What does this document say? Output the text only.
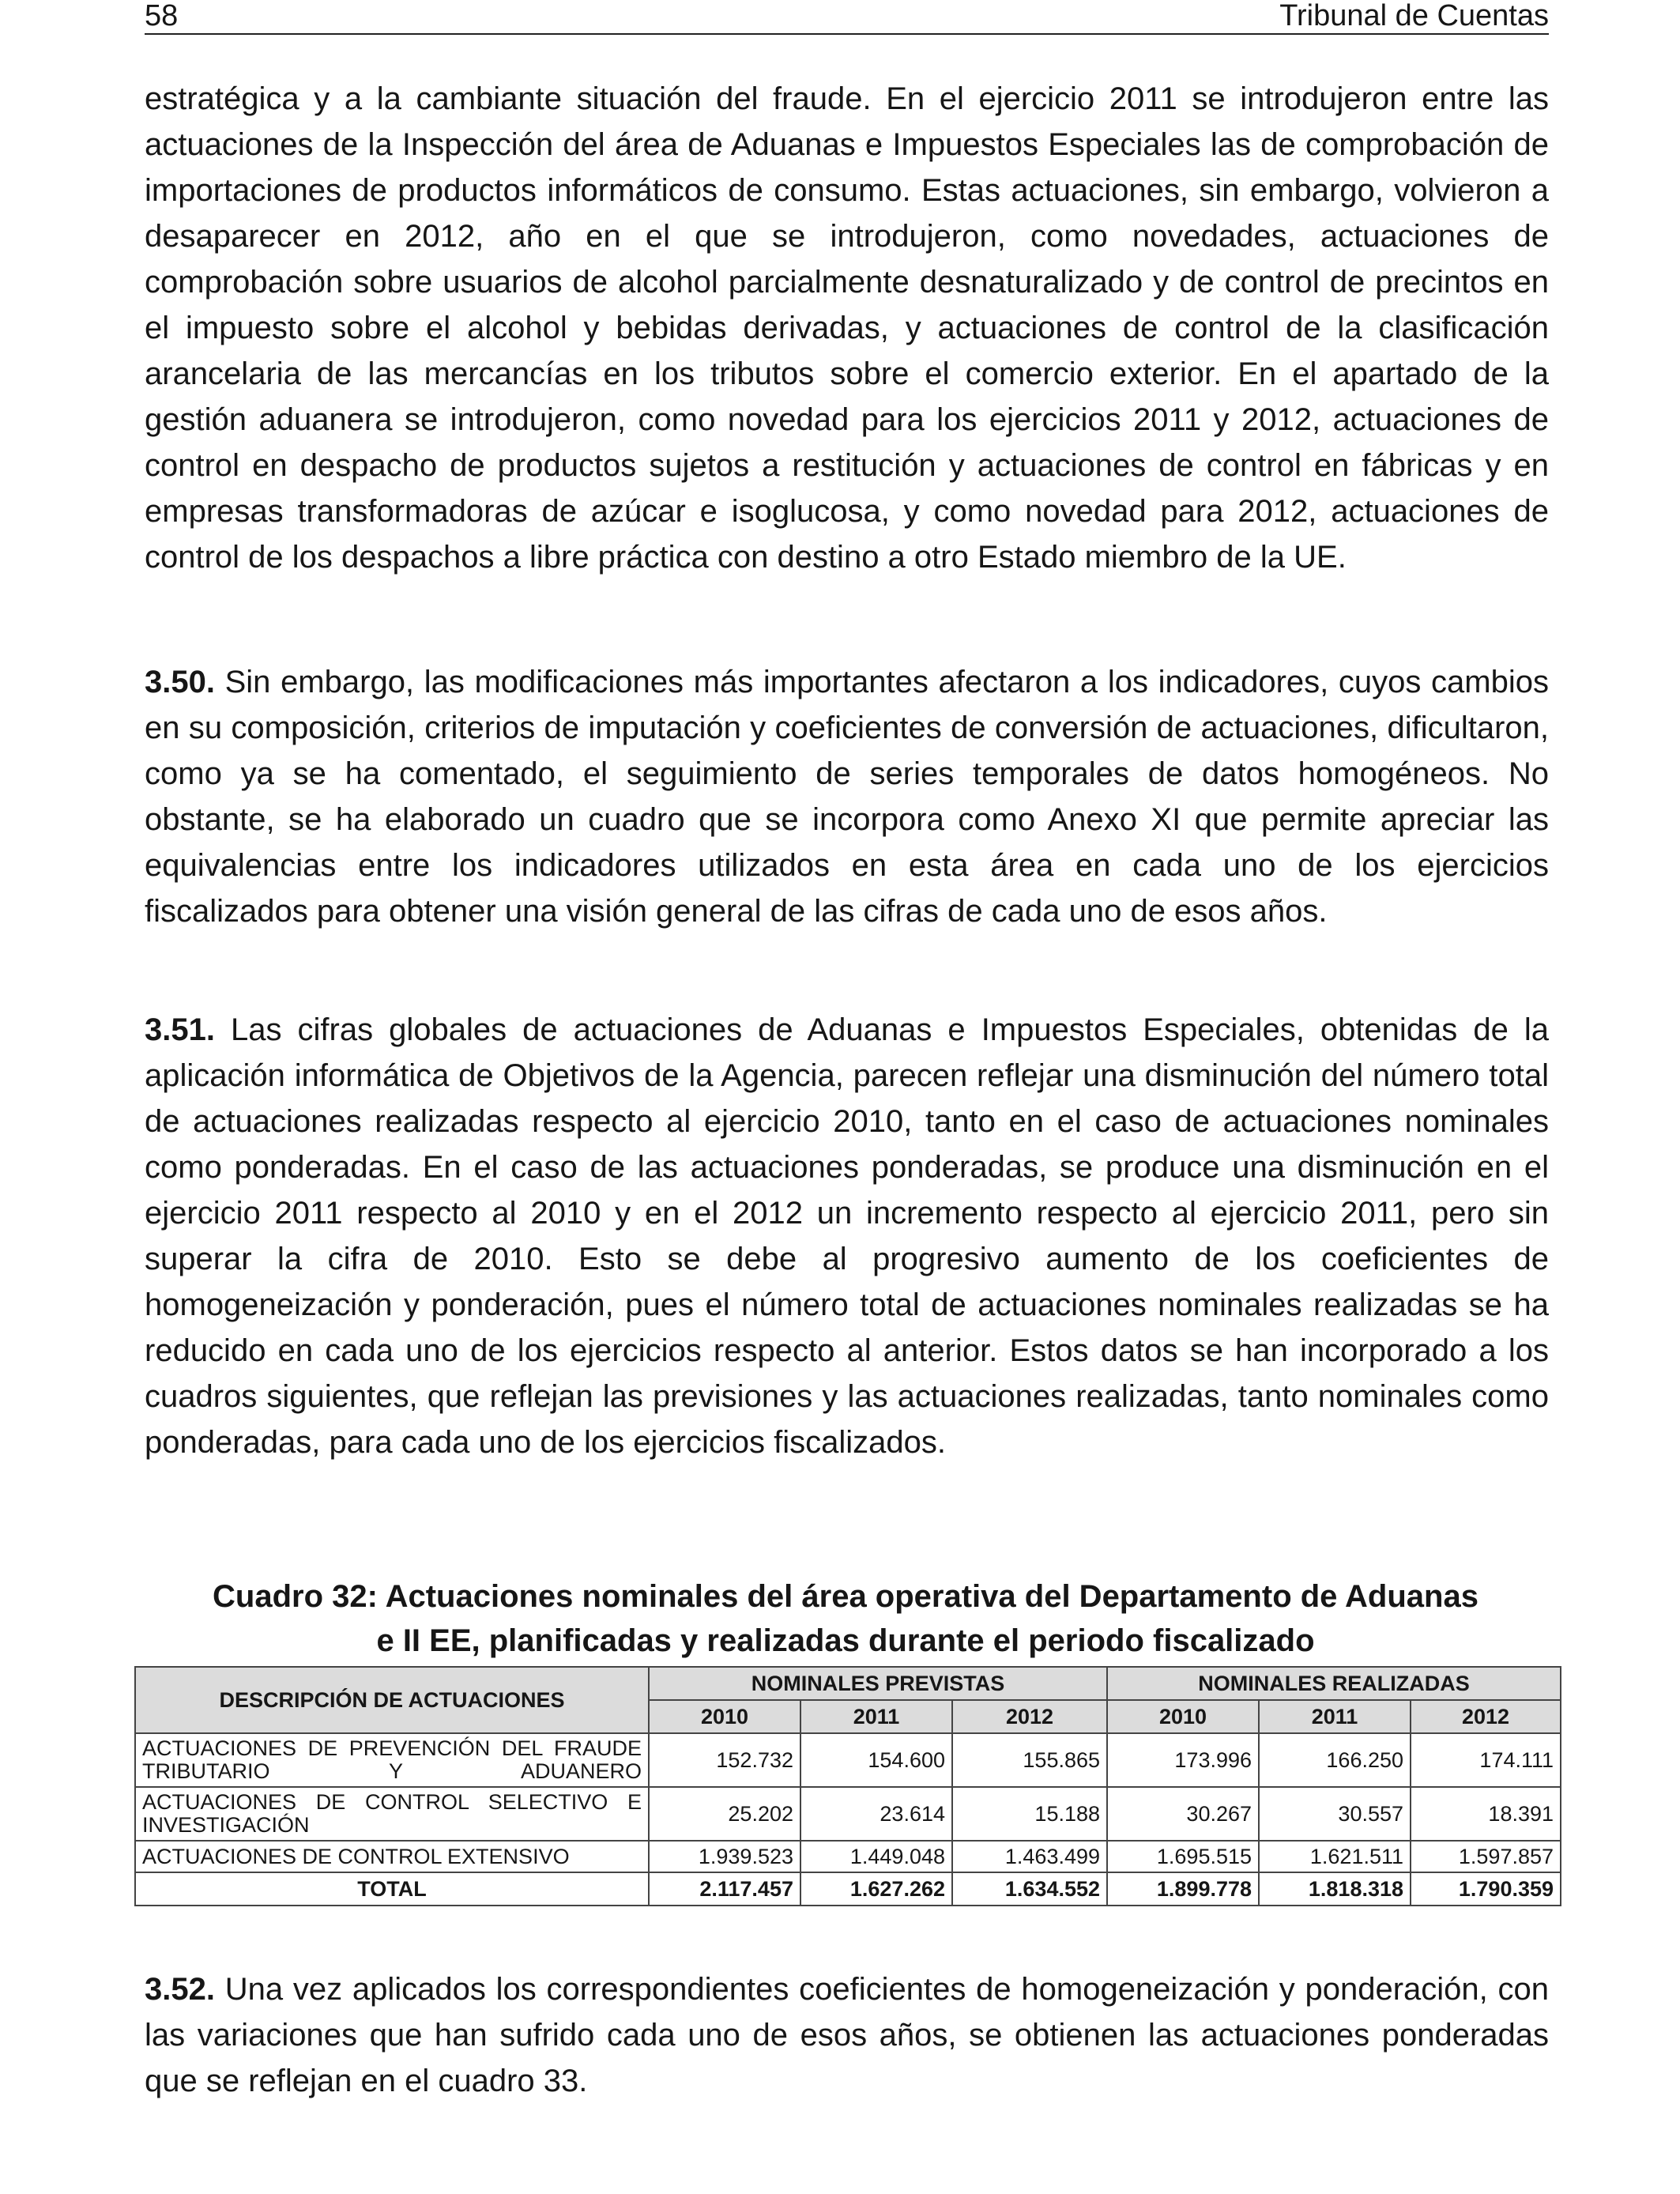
58	Tribunal de Cuentas

estratégica y a la cambiante situación del fraude. En el ejercicio 2011 se introdujeron entre las actuaciones de la Inspección del área de Aduanas e Impuestos Especiales las de comprobación de importaciones de productos informáticos de consumo. Estas actuaciones, sin embargo, volvieron a desaparecer en 2012, año en el que se introdujeron, como novedades, actuaciones de comprobación sobre usuarios de alcohol parcialmente desnaturalizado y de control de precintos en el impuesto sobre el alcohol y bebidas derivadas, y actuaciones de control de la clasificación arancelaria de las mercancías en los tributos sobre el comercio exterior. En el apartado de la gestión aduanera se introdujeron, como novedad para los ejercicios 2011 y 2012, actuaciones de control en despacho de productos sujetos a restitución y actuaciones de control en fábricas y en empresas transformadoras de azúcar e isoglucosa, y como novedad para 2012, actuaciones de control de los despachos a libre práctica con destino a otro Estado miembro de la UE.

3.50. Sin embargo, las modificaciones más importantes afectaron a los indicadores, cuyos cambios en su composición, criterios de imputación y coeficientes de conversión de actuaciones, dificultaron, como ya se ha comentado, el seguimiento de series temporales de datos homogéneos. No obstante, se ha elaborado un cuadro que se incorpora como Anexo XI que permite apreciar las equivalencias entre los indicadores utilizados en esta área en cada uno de los ejercicios fiscalizados para obtener una visión general de las cifras de cada uno de esos años.

3.51. Las cifras globales de actuaciones de Aduanas e Impuestos Especiales, obtenidas de la aplicación informática de Objetivos de la Agencia, parecen reflejar una disminución del número total de actuaciones realizadas respecto al ejercicio 2010, tanto en el caso de actuaciones nominales como ponderadas. En el caso de las actuaciones ponderadas, se produce una disminución en el ejercicio 2011 respecto al 2010 y en el 2012 un incremento respecto al ejercicio 2011, pero sin superar la cifra de 2010. Esto se debe al progresivo aumento de los coeficientes de homogeneización y ponderación, pues el número total de actuaciones nominales realizadas se ha reducido en cada uno de los ejercicios respecto al anterior. Estos datos se han incorporado a los cuadros siguientes, que reflejan las previsiones y las actuaciones realizadas, tanto nominales como ponderadas, para cada uno de los ejercicios fiscalizados.

Cuadro 32: Actuaciones nominales del área operativa del Departamento de Aduanas
e II EE, planificadas y realizadas durante el periodo fiscalizado
DESCRIPCIÓN DE ACTUACIONES	NOMINALES PREVISTAS			NOMINALES REALIZADAS		
	2010	2011	2012	2010	2011	2012
ACTUACIONES DE PREVENCIÓN DEL FRAUDE TRIBUTARIO Y ADUANERO	152.732	154.600	155.865	173.996	166.250	174.111
ACTUACIONES DE CONTROL SELECTIVO E INVESTIGACIÓN	25.202	23.614	15.188	30.267	30.557	18.391
ACTUACIONES DE CONTROL EXTENSIVO	1.939.523	1.449.048	1.463.499	1.695.515	1.621.511	1.597.857
TOTAL	2.117.457	1.627.262	1.634.552	1.899.778	1.818.318	1.790.359

3.52. Una vez aplicados los correspondientes coeficientes de homogeneización y ponderación, con las variaciones que han sufrido cada uno de esos años, se obtienen las actuaciones ponderadas que se reflejan en el cuadro 33.
